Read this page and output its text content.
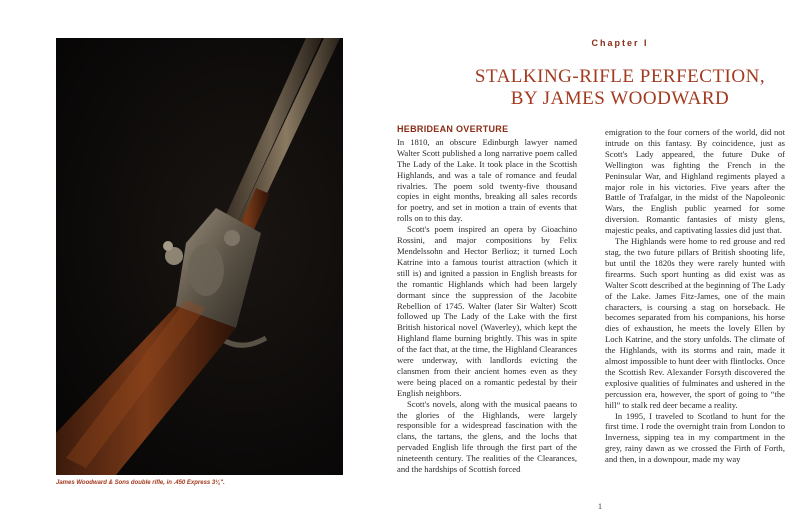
James Woodward & Sons double rifle, in .450 Express 3¼".
Chapter I
STALKING-RIFLE PERFECTION,
BY JAMES WOODWARD
HEBRIDEAN OVERTURE

In 1810, an obscure Edinburgh lawyer named Walter Scott published a long narrative poem called The Lady of the Lake. It took place in the Scottish Highlands, and was a tale of romance and feudal rivalries. The poem sold twenty-five thousand copies in eight months, breaking all sales records for poetry, and set in motion a train of events that rolls on to this day.

Scott's poem inspired an opera by Gioachino Rossini, and major compositions by Felix Mendelssohn and Hector Berlioz; it turned Loch Katrine into a famous tourist attraction (which it still is) and ignited a passion in English breasts for the romantic Highlands which had been largely dormant since the suppression of the Jacobite Rebellion of 1745. Walter (later Sir Walter) Scott followed up The Lady of the Lake with the first British historical novel (Waverley), which kept the Highland flame burning brightly. This was in spite of the fact that, at the time, the Highland Clearances were underway, with landlords evicting the clansmen from their ancient homes even as they were being placed on a romantic pedestal by their English neighbors.

Scott's novels, along with the musical paeans to the glories of the Highlands, were largely responsible for a widespread fascination with the clans, the tartans, the glens, and the lochs that pervaded English life through the first part of the nineteenth century. The realities of the Clearances, and the hardships of Scottish forced

emigration to the four corners of the world, did not intrude on this fantasy. By coincidence, just as Scott's Lady appeared, the future Duke of Wellington was fighting the French in the Peninsular War, and Highland regiments played a major role in his victories. Five years after the Battle of Trafalgar, in the midst of the Napoleonic Wars, the English public yearned for some diversion. Romantic fantasies of misty glens, majestic peaks, and captivating lassies did just that.

The Highlands were home to red grouse and red stag, the two future pillars of British shooting life, but until the 1820s they were rarely hunted with firearms. Such sport hunting as did exist was as Walter Scott described at the beginning of The Lady of the Lake. James Fitz-James, one of the main characters, is coursing a stag on horseback. He becomes separated from his companions, his horse dies of exhaustion, he meets the lovely Ellen by Loch Katrine, and the story unfolds. The climate of the Highlands, with its storms and rain, made it almost impossible to hunt deer with flintlocks. Once the Scottish Rev. Alexander Forsyth discovered the explosive qualities of fulminates and ushered in the percussion era, however, the sport of going to “the hill” to stalk red deer became a reality.

In 1995, I traveled to Scotland to hunt for the first time. I rode the overnight train from London to Inverness, sipping tea in my compartment in the grey, rainy dawn as we crossed the Firth of Forth, and then, in a downpour, made my way

1
